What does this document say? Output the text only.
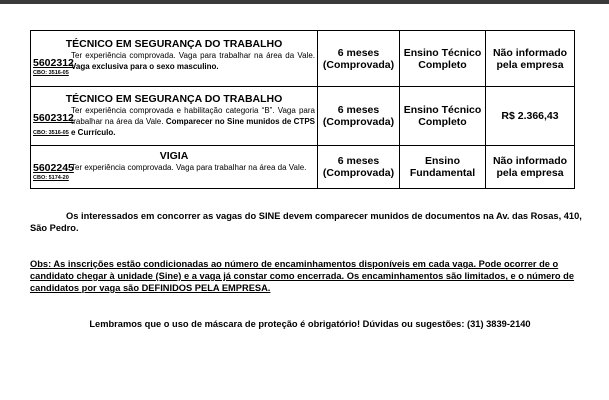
TÉCNICO EM SEGURANÇA DO TRABALHO
5602312
CBO: 3516-05
Ter experiência comprovada. Vaga para trabalhar na área da Vale. Vaga exclusiva para o sexo masculino.	6 meses (Comprovada)	Ensino Técnico Completo	Não informado pela empresa

TÉCNICO EM SEGURANÇA DO TRABALHO
5602312
CBO: 3516-05
Ter experiência comprovada e habilitação categoria “B”. Vaga para trabalhar na área da Vale. Comparecer no Sine munidos de CTPS e Currículo.	6 meses (Comprovada)	Ensino Técnico Completo	R$ 2.366,43

VIGIA
5602245
CBO: 5174-20
Ter experiência comprovada. Vaga para trabalhar na área da Vale.	6 meses (Comprovada)	Ensino Fundamental	Não informado pela empresa
Os interessados em concorrer as vagas do SINE devem comparecer munidos de documentos na Av. das Rosas, 410, São Pedro.
Obs: As inscrições estão condicionadas ao número de encaminhamentos disponíveis em cada vaga. Pode ocorrer de o candidato chegar à unidade (Sine) e a vaga já constar como encerrada. Os encaminhamentos são limitados, e o número de candidatos por vaga são DEFINIDOS PELA EMPRESA.
Lembramos que o uso de máscara de proteção é obrigatório! Dúvidas ou sugestões: (31) 3839-2140
